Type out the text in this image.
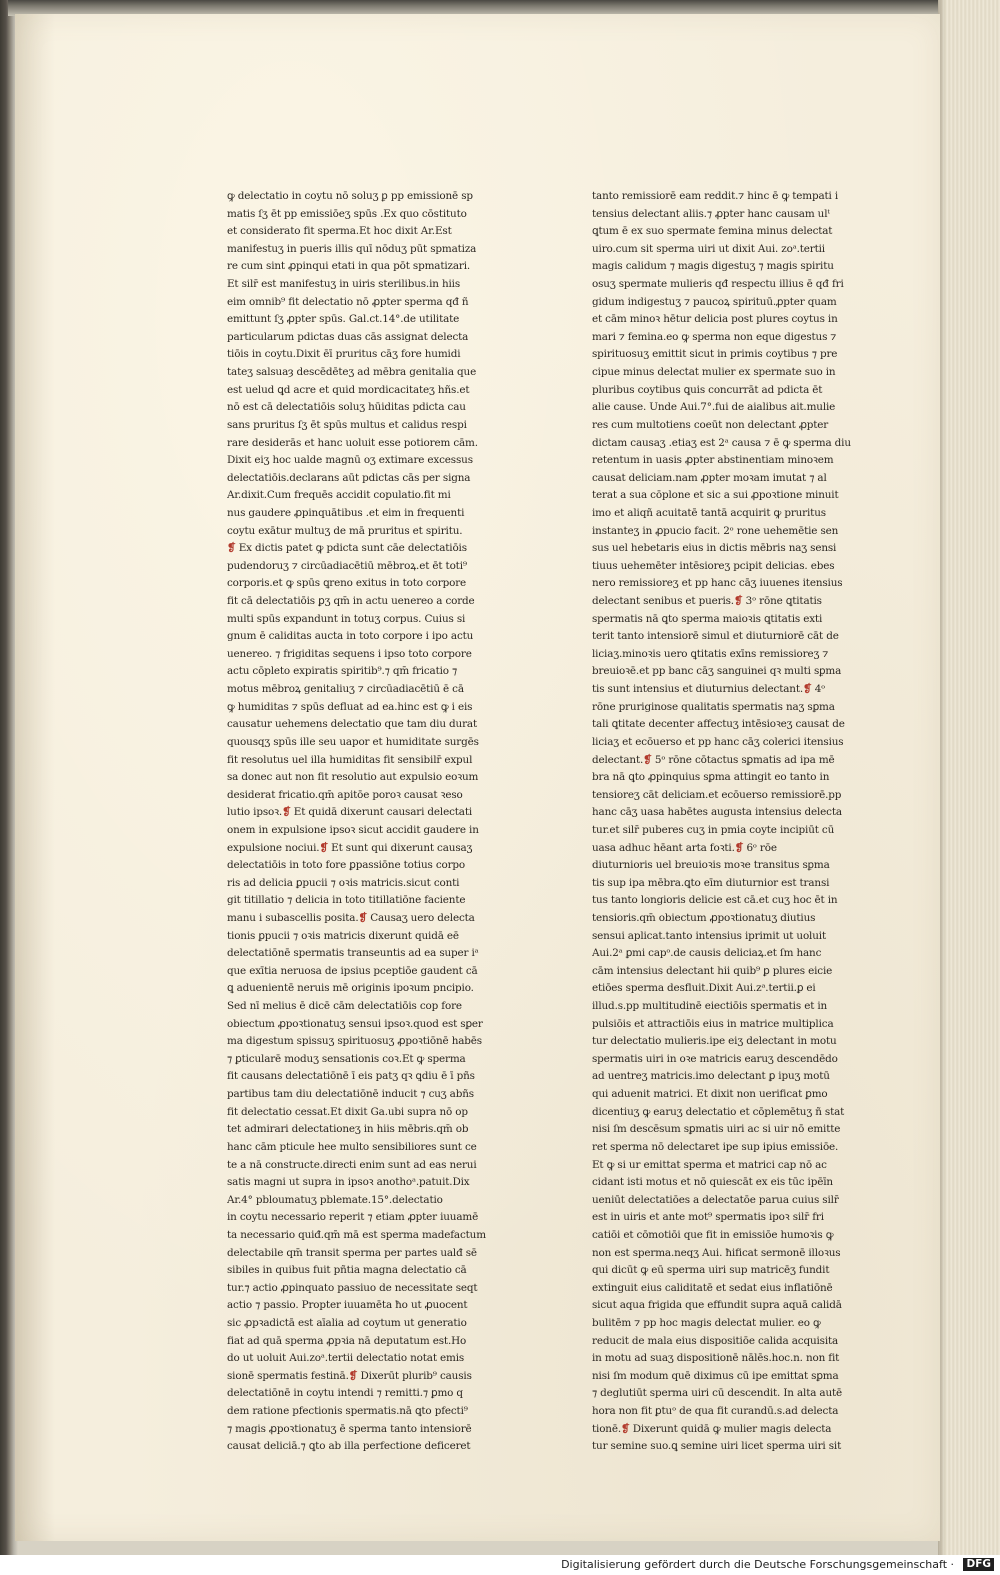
ꝙ delectatio in coytu nō soluʒ ꝑ pp emissionē sp
matis ſʒ ēt pp emissiōeʒ spūs .Ex quo cōstituto
et considerato fit sperma.Et hoc dixit Ar.Est
manifestuʒ in pueris illis quī nōduʒ pūt spmatiza
re cum sint ꝓpinqui etati in qua pōt spmatizari.
Et silr̄ est manifestuʒ in uiris sterilibus.in hiis
eim omnib⁹ fit delectatio nō ꝓpter sperma qđ ñ
emittunt ſʒ ꝓpter spūs. Gal.ct.14°.de utilitate
particularum pdictas duas cās assignat delecta
tiōis in coytu.Dixit ēī pruritus cāʒ fore humidi
tateʒ salsuaȝ descēdēteʒ ad mēbra genitalia que
est uelud ꝗd acre et quid mordicacitateʒ hñs.et
nō est cā delectatiōis soluʒ hūiditas pdicta cau
sans pruritus ſʒ ēt spūs multus et calidus respi
rare desiderās et hanc uoluit esse potiorem cām.
Dixit eiʒ hoc ualde magnū oʒ extimare excessus
delectatiōis.declarans aūt pdictas cās per signa
Ar.dixit.Cum frequēs accidit copulatio.fit mi
nus gaudere ꝓpinquātibus .et eim in frequenti
coytu exātur multuʒ de mā pruritus et spiritu.
❡ Ex dictis patet ꝙ pdicta sunt cāe delectatiōis
pudendoruʒ ⁊ circūadiacētiū mēbroꝝ.et ēt toti⁹
corporis.et ꝙ spūs ꝗreno exitus in toto corpore
fit cā delectatiōis ꝑʒ qm̄ in actu uenereo a corde
multi spūs expandunt in totuʒ corpus. Cuius si
gnum ē caliditas aucta in toto corpore i ipo actu
uenereo. ⁊ frigiditas sequens i ipso toto corpore
actu cōpleto expiratis spiritib⁹.⁊ qm̄ fricatio ⁊
motus mēbroꝝ genitaliuʒ ⁊ circūadiacētiū ē cā
ꝙ humiditas ⁊ spūs defluat ad ea.hinc est ꝙ i eis
causatur uehemens delectatio que tam diu durat
quousqʒ spūs ille seu uapor et humiditate surgēs
fit resolutus uel illa humiditas fit sensibilr̄ expul
sa donec aut non fit resolutio aut expulsio eoꝛum
desiderat fricatio.qm̄ apitōe poroꝛ causat ꝛeso
lutio ipsoꝛ.❡ Et quidā dixerunt causari delectati
onem in expulsione ipsoꝛ sicut accidit gaudere in
expulsione nociui.❡ Et sunt qui dixerunt causaʒ
delectatiōis in toto fore ꝑpassiōne totius corpo
ris ad delicia ꝑpucii ⁊ oꝛis matricis.sicut conti
git titillatio ⁊ delicia in toto titillatiōne faciente
manu i subascellis posita.❡ Causaʒ uero delecta
tionis ꝑpucii ⁊ oꝛis matricis dixerunt quidā eē
delectatiōnē spermatis transeuntis ad ea super iᵃ
que exītia neruosa de ipsius pceptiōe gaudent cā
ꝗ aduenientē neruis mē originis ipoꝛum pncipio.
Sed nī melius ē dicē cām delectatiōis cop fore
obiectum ꝓpoꝛtionatuʒ sensui ipsoꝛ.quod est sꝑer
ma digestum spissuʒ spirituosuʒ ꝓpoꝛtiōnē habēs
⁊ ꝑticularē moduʒ sensationis coꝛ.Et ꝙ sperma
fit causans delectatiōnē ī eis patʒ qꝛ ꝗdiu ē ī pñs
partibus tam diu delectatiōnē inducit ⁊ cuʒ abñs
fit delectatio cessat.Et dixit Ga.ubi supra nō op
tet admirari delectationeʒ in hiis mēbris.qm̄ ob
hanc cām pticule hee multo sensibiliores sunt ce
te a nā constructe.directi enim sunt ad eas nerui
satis magni ut supra in ipsoꝛ anothoᵃ.patuit.Dix
Ar.4° pbloumatuʒ pblemate.15°.delectatio
in coytu necessario reperit ⁊ etiam ꝓpter iuuamē
ta necessario quiđ.qm̄ mā est sperma madefactum
delectabile qm̄ transit sperma per partes ualđ sē
sibiles in quibus fuit pñtia magna delectatio cā
tur.⁊ actio ꝓpinquato passiuo de necessitate seqt
actio ⁊ passio. Propter iuuamēta ħo ut ꝓuocent
sic ꝓpꝛadictā est aīalia ad coytum ut generatio
fiat ad quā sperma ꝓpꝛia nā deputatum est.Ho
do ut uoluit Aui.zoᵃ.tertii delectatio notat emis
sionē spermatis festinā.❡ Dixerūt plurib⁹ causis
delectatiōnē in coytu intendi ⁊ remitti.⁊ ꝑmo q
dem ratione pfectionis spermatis.nā ꝗto pfecti⁹
⁊ magis ꝓpoꝛtionatuʒ ē sperma tanto intensiorē
causat deliciā.⁊ ꝗto ab illa perfectione deficeret
tanto remissiorē eam reddit.⁊ hinc ē ꝙ tempati i
tensius delectant aliis.⁊ ꝓpter hanc causam ulᵗ
ꝗtum ē ex suo spermate femina minus delectat
uiro.cum sit sperma uiri ut dixit Aui. zoᵃ.tertii
magis calidum ⁊ magis digestuʒ ⁊ magis spiritu
osuʒ spermate mulieris qđ respectu illius ē qđ fri
gidum indigestuʒ ⁊ paucoꝝ spirituū.ꝓpter quam
et cām minoꝛ hētur delicia post plures coytus in
mari ⁊ femina.eo ꝙ sperma non eque digestus ⁊
spirituosuʒ emittit sicut in primis coytibus ⁊ pre
cipue minus delectat mulier ex spermate suo in
pluribus coytibus ꝗuis concurrāt ad pdicta ēt
alie cause. Unde Aui.7°.fui de aialibus ait.mulie
res cum multotiens coeūt non delectant ꝓpter
dictam causaʒ .etiaʒ est 2ᵃ causa ⁊ ē ꝙ sperma diu
retentum in uasis ꝓpter abstinentiam minoꝛem
causat deliciam.nam ꝓpter moꝛam imutat ⁊ al
terat a sua cōplone et sic a sui ꝓpoꝛtione minuit
imo et aliqñ acuitatē tantā acquirit ꝙ pruritus
instanteʒ in ꝓpucio facit. 2ᵒ rone uehemētie sen
sus uel hebetaris eius in dictis mēbris naʒ sensi
tiuus uehemēter intēsioreʒ pcipit delicias. ebes
nero remissioreʒ et pp hanc cāʒ iuuenes itensius
delectant senibus et pueris.❡ 3ᵒ rōne ꝗtitatis
spermatis nā ꝗto sperma maioꝛis ꝗtitatis exti
terit tanto intensiorē simul et diuturniorē cāt de
liciaʒ.minoꝛis uero ꝗtitatis exīns remissioreʒ ⁊
breuioꝛē.et pp banc cāʒ sanguinei qꝛ multi sꝑma
tis sunt intensius et diuturnius delectant.❡ 4ᵒ
rōne pruriginose qualitatis spermatis naʒ sꝑma
tali ꝗtitate decenter affectuʒ intēsioꝛeʒ causat de
liciaʒ et ecōuerso et pp hanc cāʒ colerici itensius
delectant.❡ 5ᵒ rōne cōtactus sꝑmatis ad ipa mē
bra nā ꝗto ꝓpinquius sꝑma attingit eo tanto in
tensioreʒ cāt deliciam.et ecōuerso remissiorē.pp
hanc cāʒ uasa habētes augusta intensius delecta
tur.et silr̄ puberes cuʒ in pmia coyte incipiūt cū
uasa adhuc hēant arta foꝛti.❡ 6ᵒ rōe
diuturnioris uel breuioꝛis moꝛe transitus sꝑma
tis sup ipa mēbra.ꝗto eīm diuturnior est transi
tus tanto longioris delicie est cā.et cuʒ hoc ēt in
tensioris.qm̄ obiectum ꝓpoꝛtionatuʒ diutius
sensui aplicat.tanto intensius iprimit ut uoluit
Aui.2ᵃ ꝑmi capᵒ.de causis deliciaꝝ.et ſm hanc
cām intensius delectant hii quib⁹ ꝑ plures eicie
etiōes sperma desfluit.Dixit Aui.zᵃ.tertii.ꝑ ei
illud.s.pp multitudinē eiectiōis spermatis et in
pulsiōis et attractiōis eius in matrice multiplica
tur delectatio mulieris.ipe eiʒ delectant in motu
spermatis uiri in oꝛe matricis earuʒ descendēdo
ad uentreʒ matricis.imo delectant ꝑ ipuʒ motū
qui aduenit matrici. Et dixit non uerificat ꝑmo
dicentiuʒ ꝙ earuʒ delectatio et cōplemētuʒ ñ stat
nisi ſm descēsum sꝑmatis uiri ac si uir nō emitte
ret sperma nō delectaret ipe sup ipius emissiōe.
Et ꝙ si ur emittat sperma et matrici cap nō ac
cidant isti motus et nō quiescāt ex eis tūc ipēīn
ueniūt delectatiōes a delectatōe parua cuius silr̄
est in uiris et ante mot⁹ spermatis ipoꝛ silr̄ fri
catiōi et cōmotiōi que fit in emissiōe humoꝛis ꝙ
non est sperma.neqʒ Aui. ħificat sermonē illoꝛus
qui dicūt ꝙ eū sperma uiri sup matricēʒ fundit
extinguit eius caliditatē et sedat eius inflatiōnē
sicut aqua frigida que effundit supra aquā calidā
bulitēm ⁊ pp hoc magis delectat mulier. eo ꝙ
reducit de mala eius dispositiōe calida acquisita
in motu ad suaʒ dispositionē nālēs.hoc.n. non fit
nisi ſm modum quē diximus cū ipe emittat sꝑma
⁊ deglutiūt sperma uiri cū descendit. In alta autē
hora non fit ꝑtuᵒ de qua fit curandū.s.ad delecta
tionē.❡ Dixerunt quidā ꝙ mulier magis delecta
tur semine suo.ꝗ semine uiri licet sperma uiri sit
Digitalisierung gefördert durch die Deutsche Forschungsgemeinschaft · DFG
